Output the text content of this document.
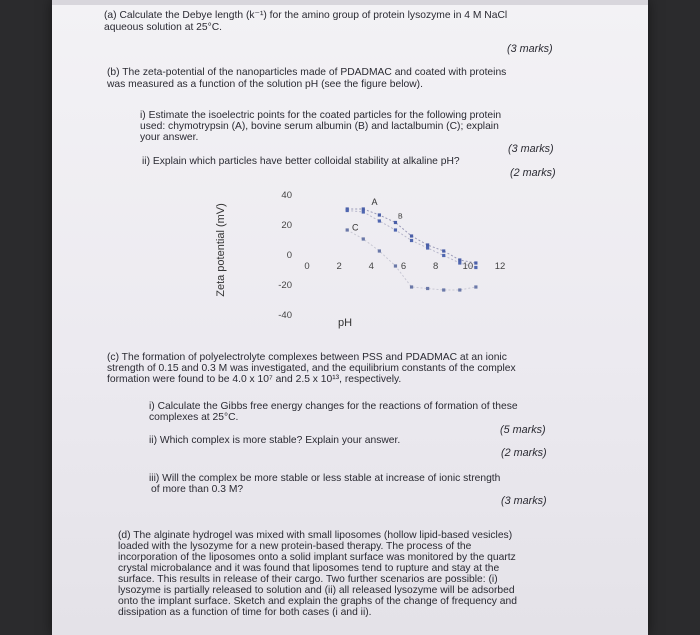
(a) Calculate the Debye length (k⁻¹) for the amino group of protein lysozyme in 4 M NaCl
aqueous solution at 25°C.
(3 marks)
(b) The zeta-potential of the nanoparticles made of PDADMAC and coated with proteins
was measured as a function of the solution pH (see the figure below).
i) Estimate the isoelectric points for the coated particles for the following protein
used: chymotrypsin (A), bovine serum albumin (B) and lactalbumin (C); explain
your answer.
(3 marks)
ii) Explain which particles have better colloidal stability at alkaline pH?
(2 marks)
Zeta potential (mV)
40
20
0
-20
-40
0	2	4	6	8	10 12
A
B
C
pH
(c) The formation of polyelectrolyte complexes between PSS and PDADMAC at an ionic
strength of 0.15 and 0.3 M was investigated, and the equilibrium constants of the complex
formation were found to be 4.0 x 10⁷ and 2.5 x 10¹³, respectively.
i) Calculate the Gibbs free energy changes for the reactions of formation of these
complexes at 25°C.
(5 marks)
ii) Which complex is more stable? Explain your answer.
(2 marks)
iii) Will the complex be more stable or less stable at increase of ionic strength
of more than 0.3 M?
(3 marks)
(d) The alginate hydrogel was mixed with small liposomes (hollow lipid-based vesicles)
loaded with the lysozyme for a new protein-based therapy. The process of the
incorporation of the liposomes onto a solid implant surface was monitored by the quartz
crystal microbalance and it was found that liposomes tend to rupture and stay at the
surface. This results in release of their cargo. Two further scenarios are possible: (i)
lysozyme is partially released to solution and (ii) all released lysozyme will be adsorbed
onto the implant surface. Sketch and explain the graphs of the change of frequency and
dissipation as a function of time for both cases (i and ii).
